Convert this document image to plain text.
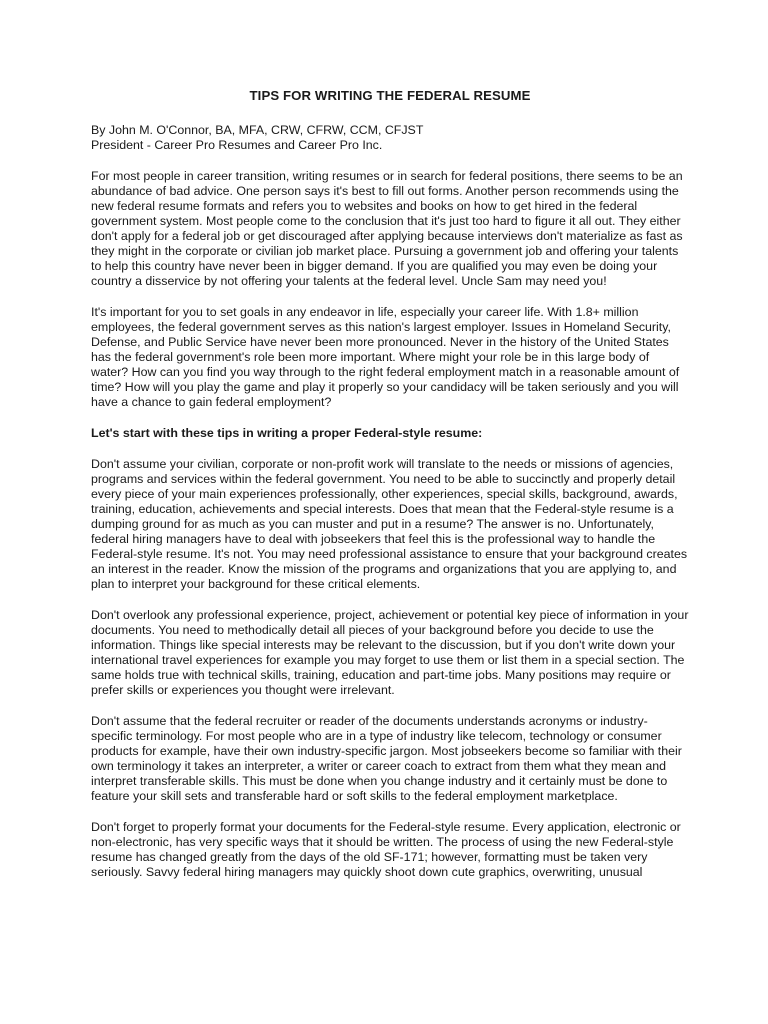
TIPS FOR WRITING THE FEDERAL RESUME
By John M. O'Connor, BA, MFA, CRW, CFRW, CCM, CFJST
President - Career Pro Resumes and Career Pro Inc.

For most people in career transition, writing resumes or in search for federal positions, there seems to be an abundance of bad advice. One person says it's best to fill out forms. Another person recommends using the new federal resume formats and refers you to websites and books on how to get hired in the federal government system. Most people come to the conclusion that it's just too hard to figure it all out. They either don't apply for a federal job or get discouraged after applying because interviews don't materialize as fast as they might in the corporate or civilian job market place. Pursuing a government job and offering your talents to help this country have never been in bigger demand. If you are qualified you may even be doing your country a disservice by not offering your talents at the federal level. Uncle Sam may need you!

It's important for you to set goals in any endeavor in life, especially your career life. With 1.8+ million employees, the federal government serves as this nation's largest employer. Issues in Homeland Security, Defense, and Public Service have never been more pronounced. Never in the history of the United States has the federal government's role been more important. Where might your role be in this large body of water? How can you find you way through to the right federal employment match in a reasonable amount of time? How will you play the game and play it properly so your candidacy will be taken seriously and you will have a chance to gain federal employment?

Let's start with these tips in writing a proper Federal-style resume:

Don't assume your civilian, corporate or non-profit work will translate to the needs or missions of agencies, programs and services within the federal government. You need to be able to succinctly and properly detail every piece of your main experiences professionally, other experiences, special skills, background, awards, training, education, achievements and special interests. Does that mean that the Federal-style resume is a dumping ground for as much as you can muster and put in a resume? The answer is no. Unfortunately, federal hiring managers have to deal with jobseekers that feel this is the professional way to handle the Federal-style resume. It's not. You may need professional assistance to ensure that your background creates an interest in the reader. Know the mission of the programs and organizations that you are applying to, and plan to interpret your background for these critical elements.

Don't overlook any professional experience, project, achievement or potential key piece of information in your documents. You need to methodically detail all pieces of your background before you decide to use the information. Things like special interests may be relevant to the discussion, but if you don't write down your international travel experiences for example you may forget to use them or list them in a special section. The same holds true with technical skills, training, education and part-time jobs. Many positions may require or prefer skills or experiences you thought were irrelevant.

Don't assume that the federal recruiter or reader of the documents understands acronyms or industry-specific terminology. For most people who are in a type of industry like telecom, technology or consumer products for example, have their own industry-specific jargon. Most jobseekers become so familiar with their own terminology it takes an interpreter, a writer or career coach to extract from them what they mean and interpret transferable skills. This must be done when you change industry and it certainly must be done to feature your skill sets and transferable hard or soft skills to the federal employment marketplace.

Don't forget to properly format your documents for the Federal-style resume. Every application, electronic or non-electronic, has very specific ways that it should be written. The process of using the new Federal-style resume has changed greatly from the days of the old SF-171; however, formatting must be taken very seriously. Savvy federal hiring managers may quickly shoot down cute graphics, overwriting, unusual
